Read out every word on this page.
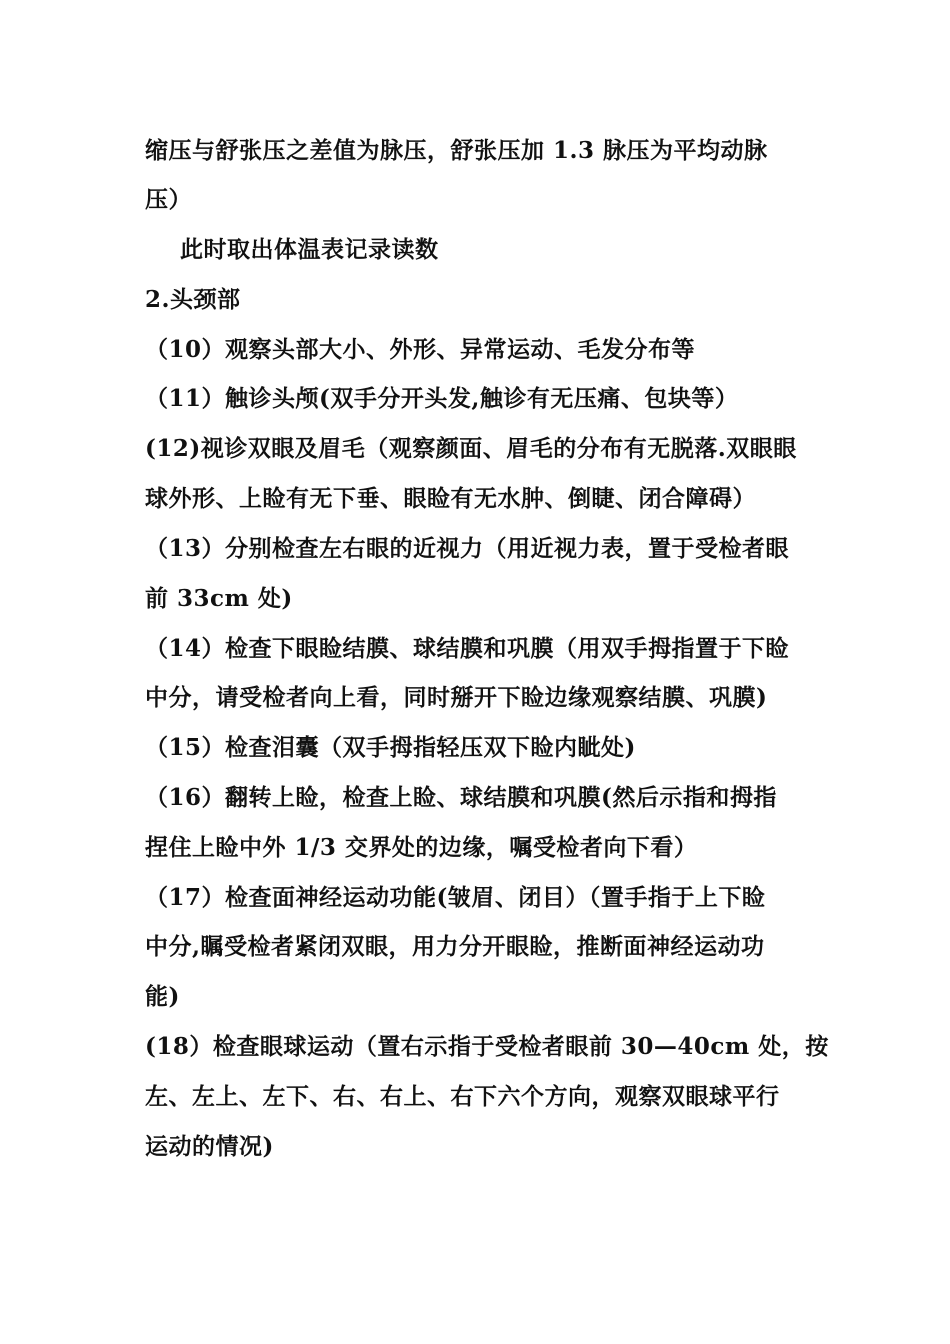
缩压与舒张压之差值为脉压，舒张压加 1.3 脉压为平均动脉
压）
此时取出体温表记录读数
2.头颈部
（10）观察头部大小、外形、异常运动、毛发分布等
（11）触诊头颅(双手分开头发,触诊有无压痛、包块等）
(12)视诊双眼及眉毛（观察颜面、眉毛的分布有无脱落.双眼眼
球外形、上睑有无下垂、眼睑有无水肿、倒睫、闭合障碍）
（13）分别检查左右眼的近视力（用近视力表，置于受检者眼
前 33cm 处)
（14）检查下眼睑结膜、球结膜和巩膜（用双手拇指置于下睑
中分，请受检者向上看，同时掰开下睑边缘观察结膜、巩膜)
（15）检查泪囊（双手拇指轻压双下睑内眦处)
（16）翻转上睑，检查上睑、球结膜和巩膜(然后示指和拇指
捏住上睑中外 1/3 交界处的边缘，嘱受检者向下看）
（17）检查面神经运动功能(皱眉、闭目）（置手指于上下睑
中分,瞩受检者紧闭双眼，用力分开眼睑，推断面神经运动功
能)
(18）检查眼球运动（置右示指于受检者眼前 30—40cm 处，按
左、左上、左下、右、右上、右下六个方向，观察双眼球平行
运动的情况)
